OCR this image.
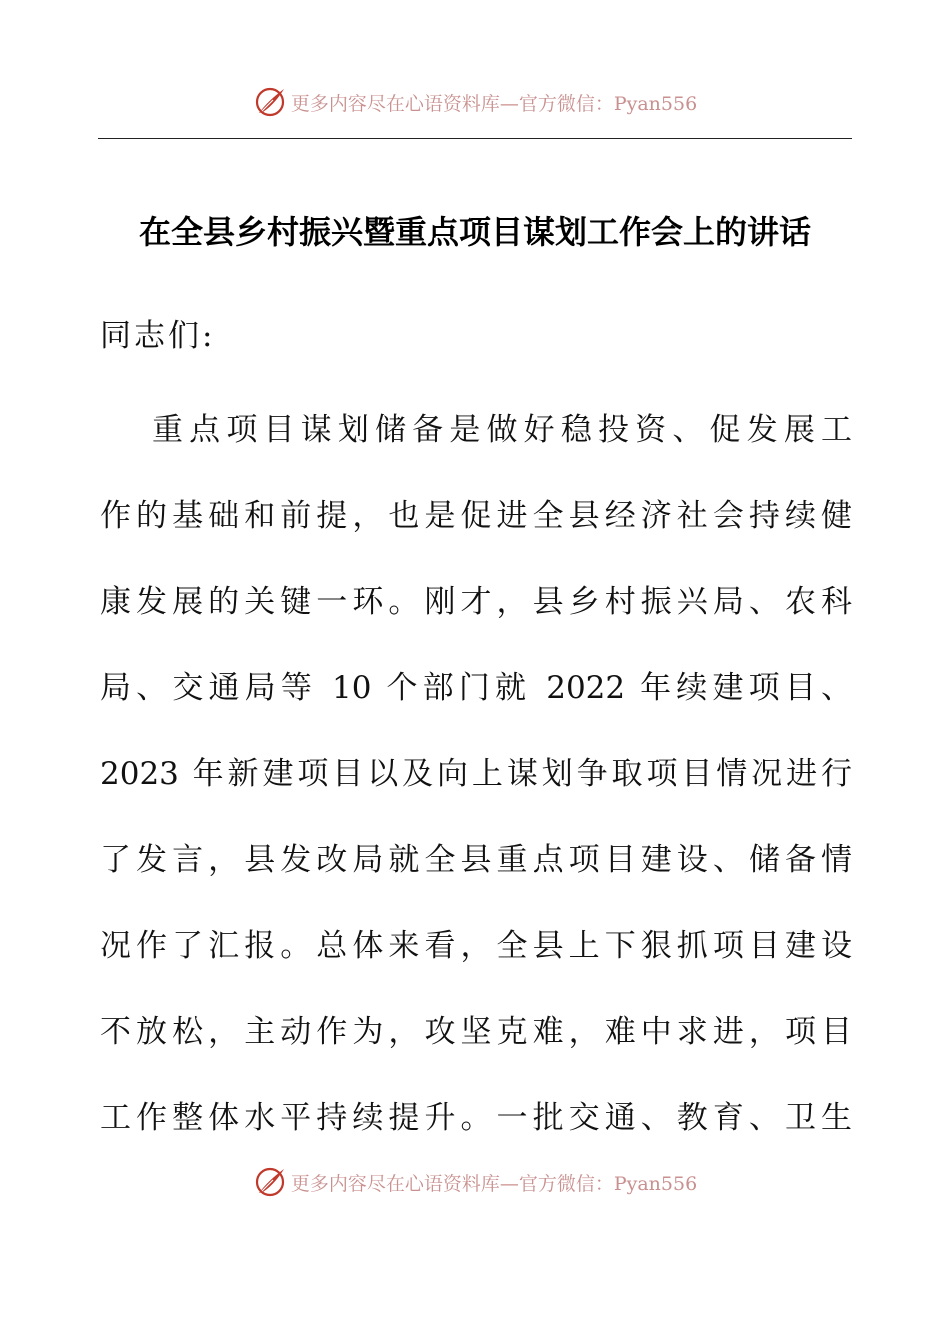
更多内容尽在心语资料库—官方微信：Pyan556
在全县乡村振兴暨重点项目谋划工作会上的讲话
同志们:
重点项目谋划储备是做好稳投资、促发展工
作的基础和前提，也是促进全县经济社会持续健
康发展的关键一环。刚才，县乡村振兴局、农科
局、交通局等 10 个部门就 2022 年续建项目、
2023 年新建项目以及向上谋划争取项目情况进行
了发言，县发改局就全县重点项目建设、储备情
况作了汇报。总体来看，全县上下狠抓项目建设
不放松，主动作为，攻坚克难，难中求进，项目
工作整体水平持续提升。一批交通、教育、卫生
更多内容尽在心语资料库—官方微信：Pyan556
